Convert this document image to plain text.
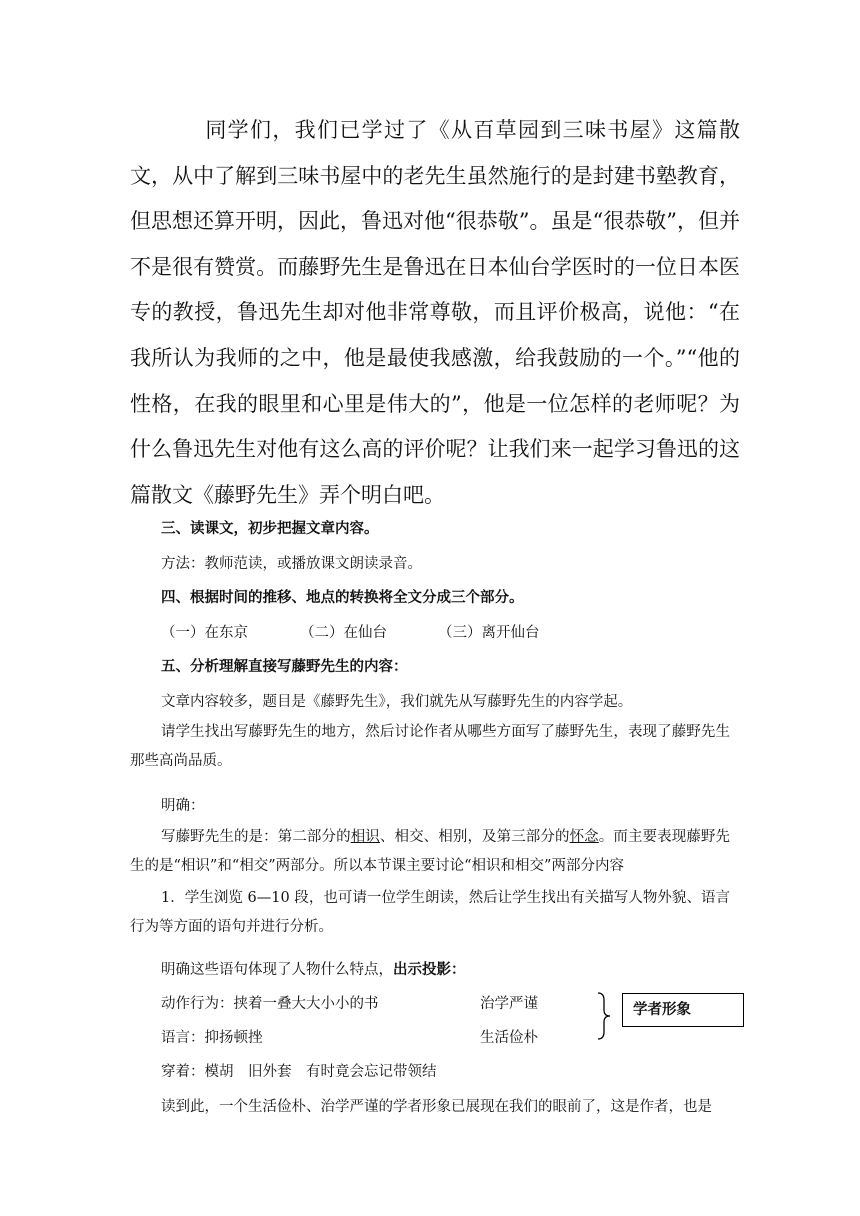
同学们，我们已学过了《从百草园到三味书屋》这篇散文，从中了解到三味书屋中的老先生虽然施行的是封建书塾教育，但思想还算开明，因此，鲁迅对他“很恭敬”。虽是“很恭敬”，但并不是很有赞赏。而藤野先生是鲁迅在日本仙台学医时的一位日本医专的教授，鲁迅先生却对他非常尊敬，而且评价极高，说他：“在我所认为我师的之中，他是最使我感激，给我鼓励的一个。”“他的性格，在我的眼里和心里是伟大的”，他是一位怎样的老师呢？为什么鲁迅先生对他有这么高的评价呢？让我们来一起学习鲁迅的这篇散文《藤野先生》弄个明白吧。

三、读课文，初步把握文章内容。

方法：教师范读，或播放课文朗读录音。

四、根据时间的推移、地点的转换将全文分成三个部分。

（一）在东京	（二）在仙台	（三）离开仙台

五、分析理解直接写藤野先生的内容：

文章内容较多，题目是《藤野先生》，我们就先从写藤野先生的内容学起。

请学生找出写藤野先生的地方，然后讨论作者从哪些方面写了藤野先生，表现了藤野先生那些高尚品质。

明确：

写藤野先生的是：第二部分的相识、相交、相别，及第三部分的怀念。而主要表现藤野先生的是“相识”和“相交”两部分。所以本节课主要讨论“相识和相交”两部分内容

1．学生浏览 6—10 段，也可请一位学生朗读，然后让学生找出有关描写人物外貌、语言行为等方面的语句并进行分析。

明确这些语句体现了人物什么特点，出示投影：

动作行为：挟着一叠大大小小的书	治学严谨
语言：抑扬顿挫	生活俭朴
学者形象
穿着：模胡　旧外套　有时竟会忘记带领结

读到此，一个生活俭朴、治学严谨的学者形象已展现在我们的眼前了，这是作者，也是
